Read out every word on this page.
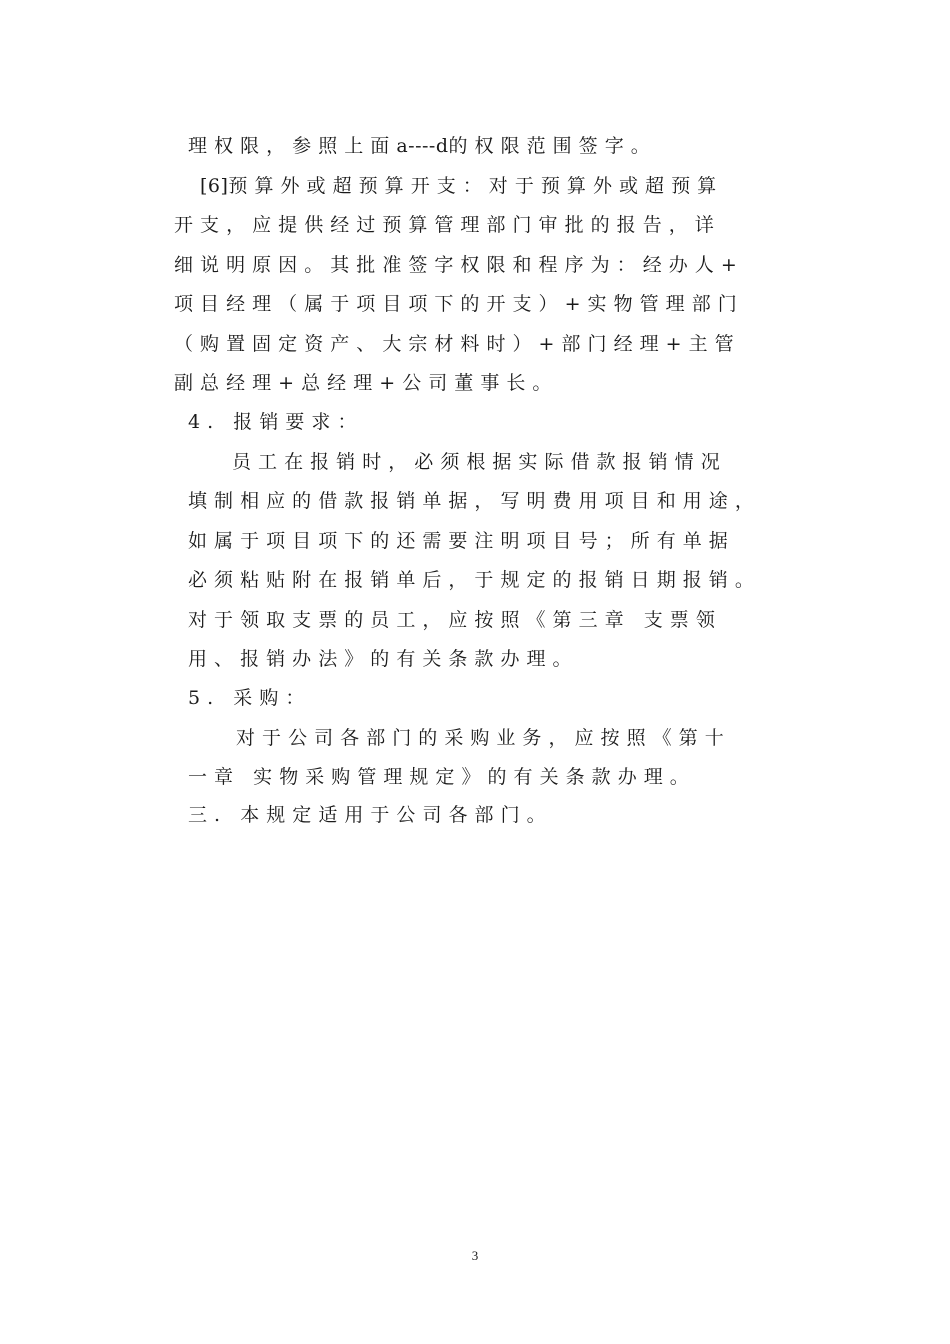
理 权 限 ， 参 照 上 面 a----d的 权 限 范 围 签 字 。
[6]预 算 外 或 超 预 算 开 支 ： 对 于 预 算 外 或 超 预 算
开 支 ， 应 提 供 经 过 预 算 管 理 部 门 审 批 的 报 告 ， 详
细 说 明 原 因 。 其 批 准 签 字 权 限 和 程 序 为 ： 经 办 人 +
项 目 经 理 （ 属 于 项 目 项 下 的 开 支 ） + 实 物 管 理 部 门
（ 购 置 固 定 资 产 、 大 宗 材 料 时 ） + 部 门 经 理 + 主 管
副 总 经 理 + 总 经 理 + 公 司 董 事 长 。
4 .   报 销 要 求 ：
员 工 在 报 销 时 ， 必 须 根 据 实 际 借 款 报 销 情 况
填 制 相 应 的 借 款 报 销 单 据 ， 写 明 费 用 项 目 和 用 途 ，
如 属 于 项 目 项 下 的 还 需 要 注 明 项 目 号 ； 所 有 单 据
必 须 粘 贴 附 在 报 销 单 后 ， 于 规 定 的 报 销 日 期 报 销 。
对 于 领 取 支 票 的 员 工 ， 应 按 照 《 第 三 章   支 票 领
用 、 报 销 办 法 》 的 有 关 条 款 办 理 。
5 .   采 购 ：
对 于 公 司 各 部 门 的 采 购 业 务 ， 应 按 照 《 第 十
一 章   实 物 采 购 管 理 规 定 》 的 有 关 条 款 办 理 。
三 .   本 规 定 适 用 于 公 司 各 部 门 。
3
